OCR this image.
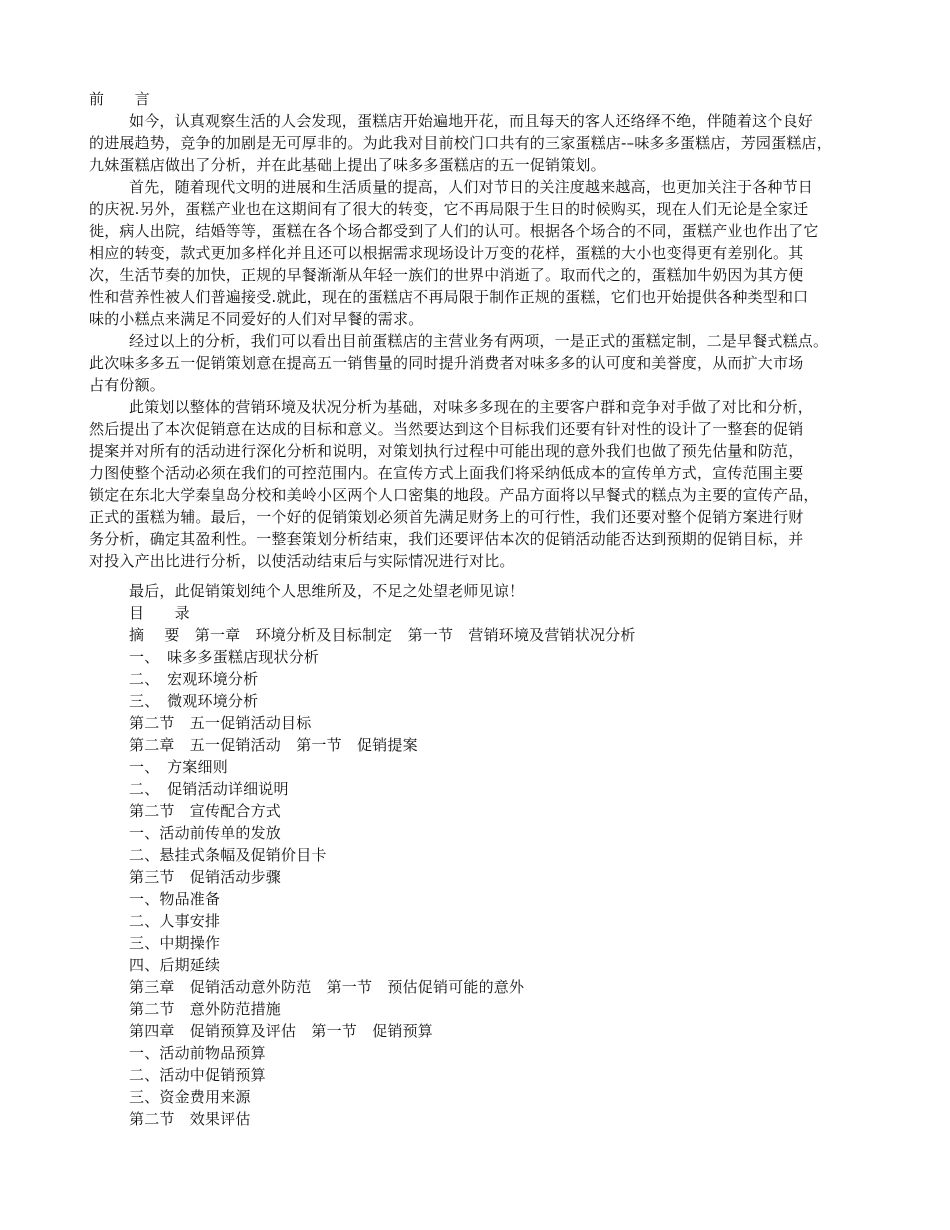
前　　言
如今，认真观察生活的人会发现，蛋糕店开始遍地开花，而且每天的客人还络绎不绝，伴随着这个良好
的进展趋势，竞争的加剧是无可厚非的。为此我对目前校门口共有的三家蛋糕店-–味多多蛋糕店，芳园蛋糕店，
九妹蛋糕店做出了分析，并在此基础上提出了味多多蛋糕店的五一促销策划。
首先，随着现代文明的进展和生活质量的提高，人们对节日的关注度越来越高，也更加关注于各种节日
的庆祝.另外，蛋糕产业也在这期间有了很大的转变，它不再局限于生日的时候购买，现在人们无论是全家迁
徙，病人出院，结婚等等，蛋糕在各个场合都受到了人们的认可。根据各个场合的不同，蛋糕产业也作出了它
相应的转变，款式更加多样化并且还可以根据需求现场设计万变的花样，蛋糕的大小也变得更有差别化。其
次，生活节奏的加快，正规的早餐渐渐从年轻一族们的世界中消逝了。取而代之的，蛋糕加牛奶因为其方便
性和营养性被人们普遍接受.就此，现在的蛋糕店不再局限于制作正规的蛋糕，它们也开始提供各种类型和口
味的小糕点来满足不同爱好的人们对早餐的需求。
经过以上的分析，我们可以看出目前蛋糕店的主营业务有两项，一是正式的蛋糕定制，二是早餐式糕点。
此次味多多五一促销策划意在提高五一销售量的同时提升消费者对味多多的认可度和美誉度，从而扩大市场
占有份额。
此策划以整体的营销环境及状况分析为基础，对味多多现在的主要客户群和竞争对手做了对比和分析，
然后提出了本次促销意在达成的目标和意义。当然要达到这个目标我们还要有针对性的设计了一整套的促销
提案并对所有的活动进行深化分析和说明，对策划执行过程中可能出现的意外我们也做了预先估量和防范，
力图使整个活动必须在我们的可控范围内。在宣传方式上面我们将采纳低成本的宣传单方式，宣传范围主要
锁定在东北大学秦皇岛分校和美岭小区两个人口密集的地段。产品方面将以早餐式的糕点为主要的宣传产品，
正式的蛋糕为辅。最后，一个好的促销策划必须首先满足财务上的可行性，我们还要对整个促销方案进行财
务分析，确定其盈利性。一整套策划分析结束，我们还要评估本次的促销活动能否达到预期的促销目标，并
对投入产出比进行分析，以使活动结束后与实际情况进行对比。
最后，此促销策划纯个人思维所及，不足之处望老师见谅！
目　　录
摘　 要　第一章　环境分析及目标制定　第一节　营销环境及营销状况分析
一、　味多多蛋糕店现状分析
二、　宏观环境分析
三、　微观环境分析
第二节　五一促销活动目标
第二章　五一促销活动　第一节　促销提案
一、　方案细则
二、　促销活动详细说明
第二节　宣传配合方式
一、活动前传单的发放
二、悬挂式条幅及促销价目卡
第三节　促销活动步骤
一、物品准备
二、人事安排
三、中期操作
四、后期延续
第三章　促销活动意外防范　第一节　预估促销可能的意外
第二节　意外防范措施
第四章　促销预算及评估　第一节　促销预算
一、活动前物品预算
二、活动中促销预算
三、资金费用来源
第二节　效果评估
